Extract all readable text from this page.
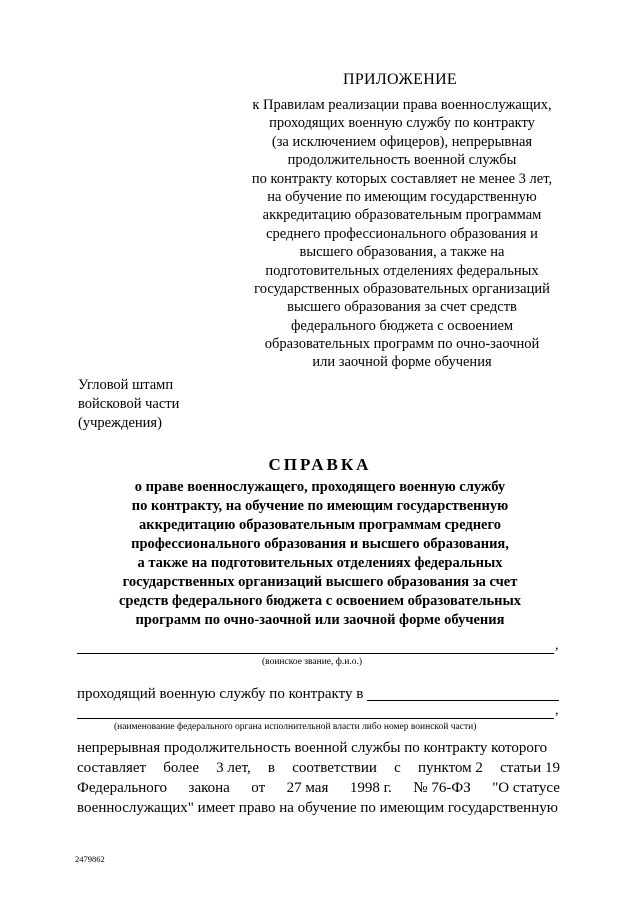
ПРИЛОЖЕНИЕ
к Правилам реализации права военнослужащих,
проходящих военную службу по контракту
(за исключением офицеров), непрерывная
продолжительность военной службы
по контракту которых составляет не менее 3 лет,
на обучение по имеющим государственную
аккредитацию образовательным программам
среднего профессионального образования и
высшего образования, а также на
подготовительных отделениях федеральных
государственных образовательных организаций
высшего образования за счет средств
федерального бюджета с освоением
образовательных программ по очно-заочной
или заочной форме обучения
Угловой штамп
войсковой части
(учреждения)
СПРАВКА
о праве военнослужащего, проходящего военную службу
по контракту, на обучение по имеющим государственную
аккредитацию образовательным программам среднего
профессионального образования и высшего образования,
а также на подготовительных отделениях федеральных
государственных организаций высшего образования за счет
средств федерального бюджета с освоением образовательных
программ по очно-заочной или заочной форме обучения
,
(воинское звание, ф.и.о.)
проходящий военную службу по контракту в
,
(наименование федерального органа исполнительной власти либо номер воинской части)
непрерывная продолжительность военной службы по контракту которого
составляет более 3 лет, в соответствии с пунктом 2 статьи 19
Федерального закона от 27 мая 1998 г. № 76-ФЗ "О статусе
военнослужащих" имеет право на обучение по имеющим государственную
2479862
